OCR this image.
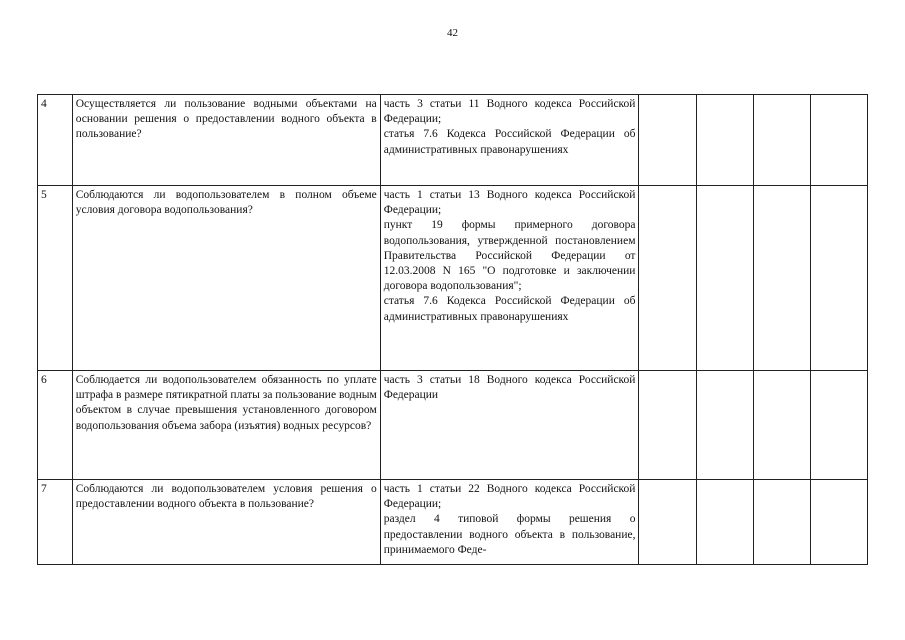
42
4	Осуществляется ли пользование водными объектами на основании решения о предоставлении водного объекта в пользование?	часть 3 статьи 11 Водного кодекса Российской Федерации;
статья 7.6 Кодекса Российской Федерации об административных правонарушениях				

5	Соблюдаются ли водопользователем в полном объеме условия договора водопользования?	часть 1 статьи 13 Водного кодекса Российской Федерации;
пункт 19 формы примерного договора водопользования, утвержденной постановлением Правительства Российской Федерации от 12.03.2008 N 165 "О подготовке и заключении договора водопользования";
статья 7.6 Кодекса Российской Федерации об административных правонарушениях				

6	Соблюдается ли водопользователем обязанность по уплате штрафа в размере пятикратной платы за пользование водным объектом в случае превышения установленного договором водопользования объема забора (изъятия) водных ресурсов?	часть 3 статьи 18 Водного кодекса Российской Федерации				

7	Соблюдаются ли водопользователем условия решения о предоставлении водного объекта в пользование?	часть 1 статьи 22 Водного кодекса Российской Федерации;
раздел 4 типовой формы решения о предоставлении водного объекта в пользование, принимаемого Феде-				
